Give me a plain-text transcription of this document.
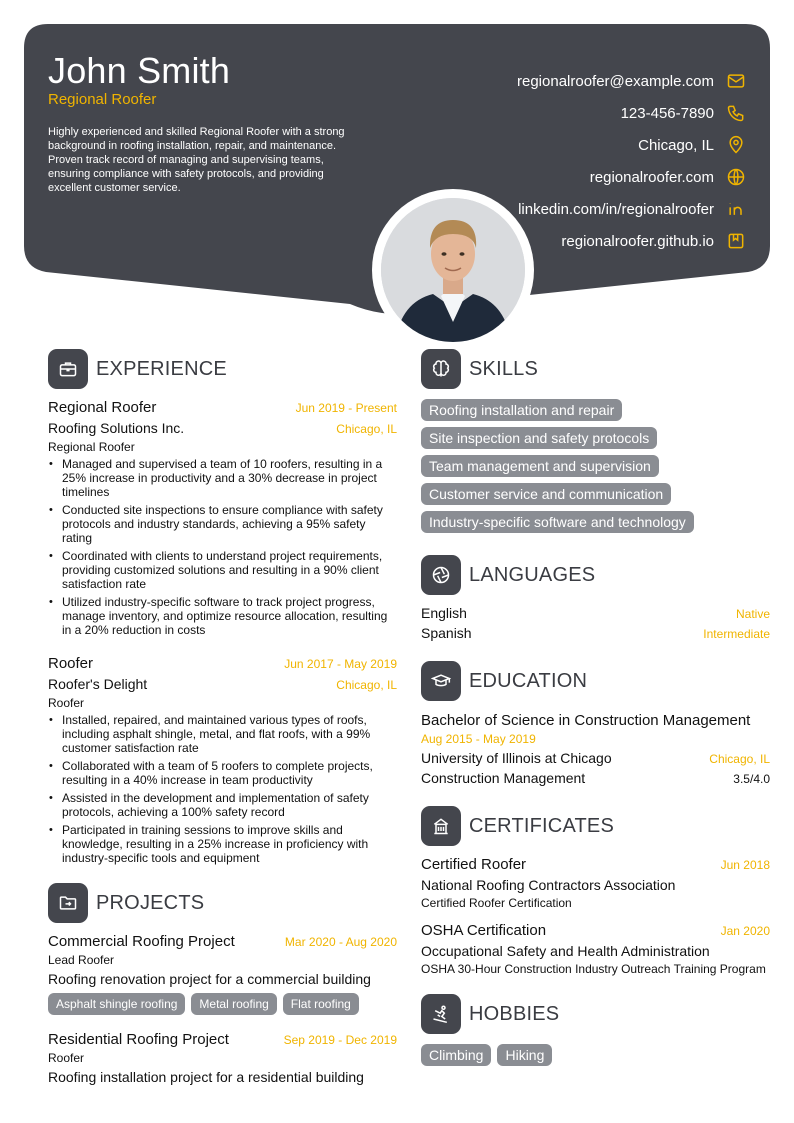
John Smith
Regional Roofer
Highly experienced and skilled Regional Roofer with a strong background in roofing installation, repair, and maintenance. Proven track record of managing and supervising teams, ensuring compliance with safety protocols, and providing excellent customer service.
regionalroofer@example.com
123-456-7890
Chicago, IL
regionalroofer.com
linkedin.com/in/regionalroofer
regionalroofer.github.io
EXPERIENCE
Regional Roofer	Jun 2019 - Present
Roofing Solutions Inc.	Chicago, IL
Regional Roofer
• Managed and supervised a team of 10 roofers, resulting in a 25% increase in productivity and a 30% decrease in project timelines
• Conducted site inspections to ensure compliance with safety protocols and industry standards, achieving a 95% safety rating
• Coordinated with clients to understand project requirements, providing customized solutions and resulting in a 90% client satisfaction rate
• Utilized industry-specific software to track project progress, manage inventory, and optimize resource allocation, resulting in a 20% reduction in costs
Roofer	Jun 2017 - May 2019
Roofer's Delight	Chicago, IL
Roofer
• Installed, repaired, and maintained various types of roofs, including asphalt shingle, metal, and flat roofs, with a 99% customer satisfaction rate
• Collaborated with a team of 5 roofers to complete projects, resulting in a 40% increase in team productivity
• Assisted in the development and implementation of safety protocols, achieving a 100% safety record
• Participated in training sessions to improve skills and knowledge, resulting in a 25% increase in proficiency with industry-specific tools and equipment
PROJECTS
Commercial Roofing Project	Mar 2020 - Aug 2020
Lead Roofer
Roofing renovation project for a commercial building
Asphalt shingle roofing	Metal roofing	Flat roofing
Residential Roofing Project	Sep 2019 - Dec 2019
Roofer
Roofing installation project for a residential building
SKILLS
Roofing installation and repair
Site inspection and safety protocols
Team management and supervision
Customer service and communication
Industry-specific software and technology
LANGUAGES
English	Native
Spanish	Intermediate
EDUCATION
Bachelor of Science in Construction Management
Aug 2015 - May 2019
University of Illinois at Chicago	Chicago, IL
Construction Management	3.5/4.0
CERTIFICATES
Certified Roofer	Jun 2018
National Roofing Contractors Association
Certified Roofer Certification
OSHA Certification	Jan 2020
Occupational Safety and Health Administration
OSHA 30-Hour Construction Industry Outreach Training Program
HOBBIES
Climbing	Hiking
